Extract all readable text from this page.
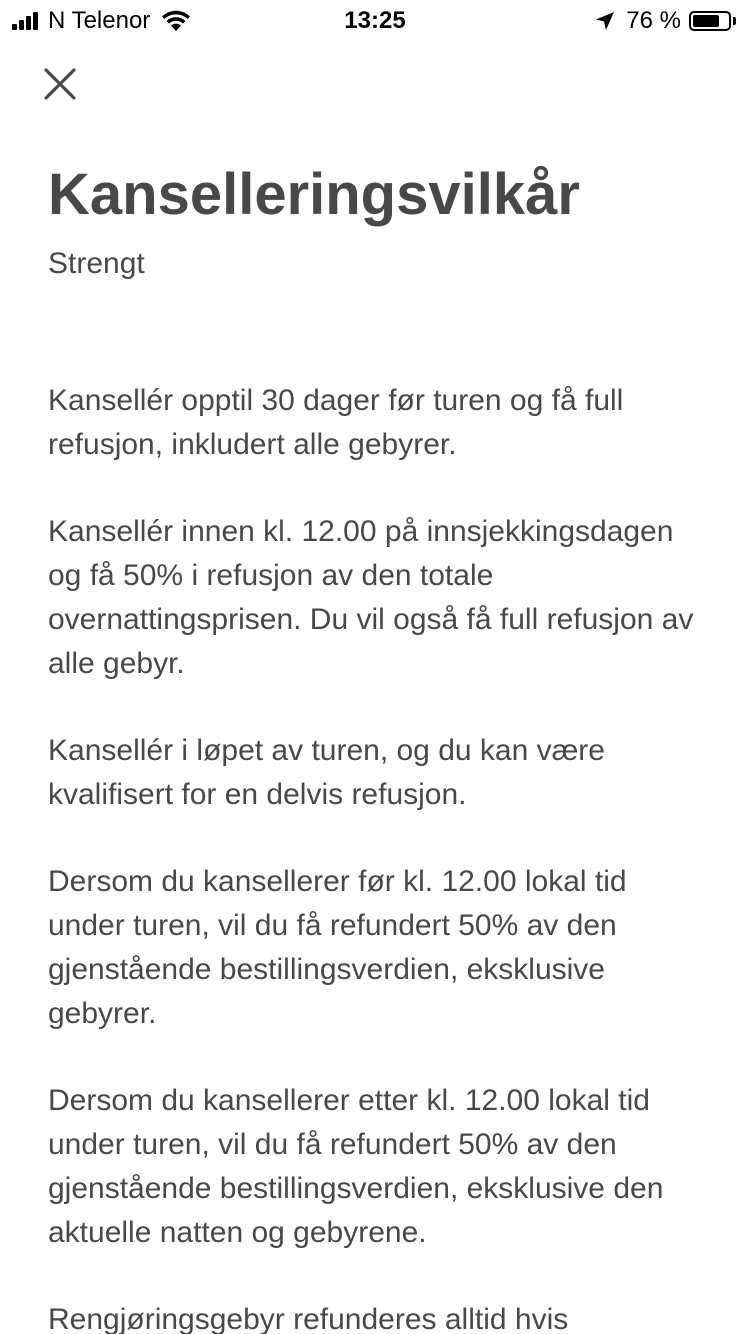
N Telenor	13:25	76 %
Kanselleringsvilkår

Strengt

Kansellér opptil 30 dager før turen og få full refusjon, inkludert alle gebyrer.

Kansellér innen kl. 12.00 på innsjekkingsdagen og få 50% i refusjon av den totale overnattingsprisen. Du vil også få full refusjon av alle gebyr.

Kansellér i løpet av turen, og du kan være kvalifisert for en delvis refusjon.

Dersom du kansellerer før kl. 12.00 lokal tid under turen, vil du få refundert 50% av den gjenstående bestillingsverdien, eksklusive gebyrer.

Dersom du kansellerer etter kl. 12.00 lokal tid under turen, vil du få refundert 50% av den gjenstående bestillingsverdien, eksklusive den aktuelle natten og gebyrene.

Rengjøringsgebyr refunderes alltid hvis
